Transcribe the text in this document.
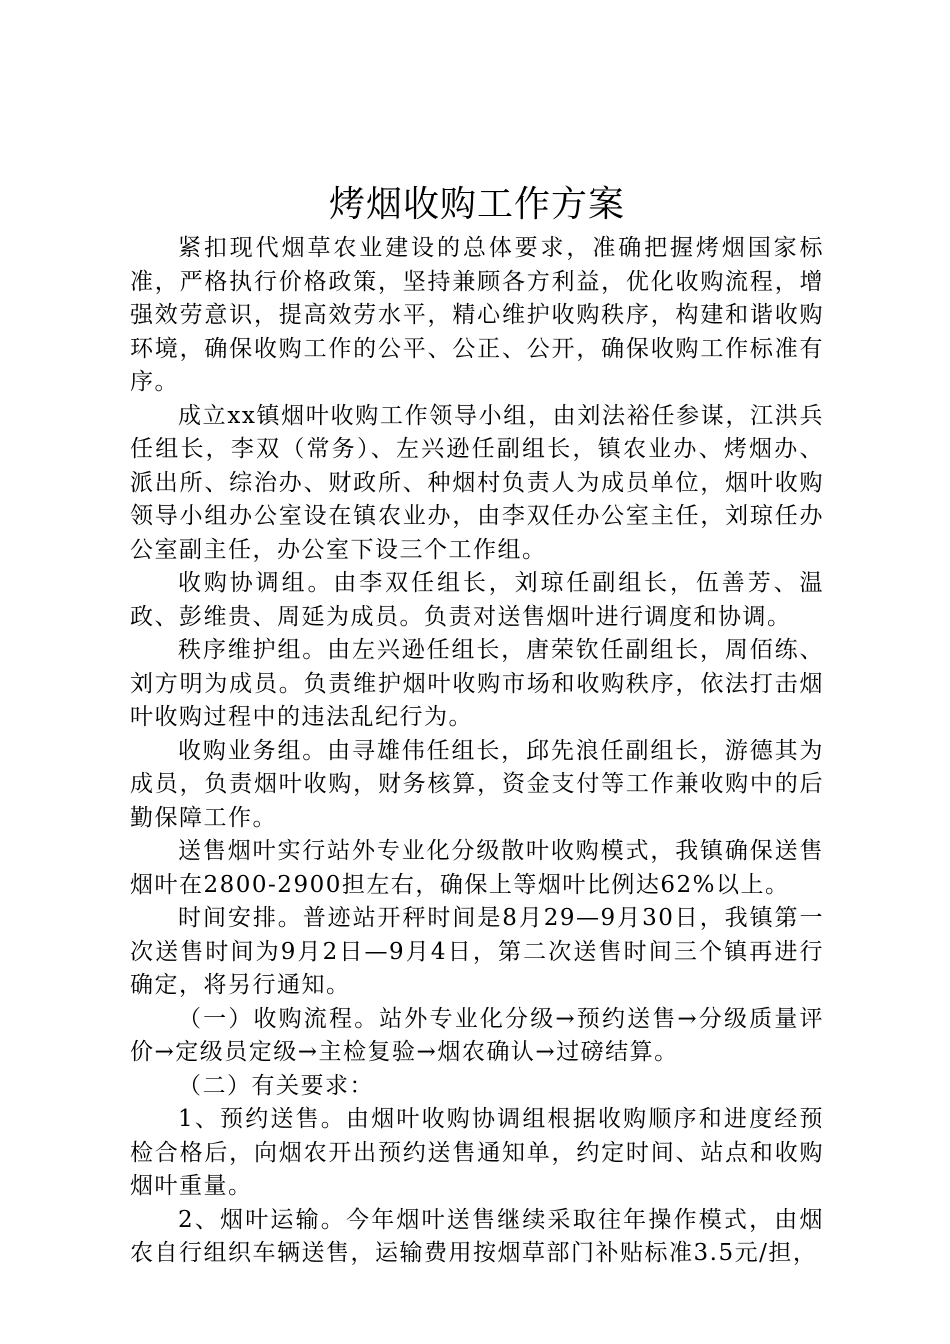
烤烟收购工作方案

紧扣现代烟草农业建设的总体要求，准确把握烤烟国家标准，严格执行价格政策，坚持兼顾各方利益，优化收购流程，增强效劳意识，提高效劳水平，精心维护收购秩序，构建和谐收购环境，确保收购工作的公平、公正、公开，确保收购工作标准有序。

成立xx镇烟叶收购工作领导小组，由刘法裕任参谋，江洪兵任组长，李双（常务）、左兴逊任副组长，镇农业办、烤烟办、派出所、综治办、财政所、种烟村负责人为成员单位，烟叶收购领导小组办公室设在镇农业办，由李双任办公室主任，刘琼任办公室副主任，办公室下设三个工作组。

收购协调组。由李双任组长，刘琼任副组长，伍善芳、温政、彭维贵、周延为成员。负责对送售烟叶进行调度和协调。

秩序维护组。由左兴逊任组长，唐荣钦任副组长，周佰练、刘方明为成员。负责维护烟叶收购市场和收购秩序，依法打击烟叶收购过程中的违法乱纪行为。

收购业务组。由寻雄伟任组长，邱先浪任副组长，游德其为成员，负责烟叶收购，财务核算，资金支付等工作兼收购中的后勤保障工作。

送售烟叶实行站外专业化分级散叶收购模式，我镇确保送售烟叶在2800-2900担左右，确保上等烟叶比例达62%以上。

时间安排。普迹站开秤时间是8月29—9月30日，我镇第一次送售时间为9月2日—9月4日，第二次送售时间三个镇再进行确定，将另行通知。

（一）收购流程。站外专业化分级→预约送售→分级质量评价→定级员定级→主检复验→烟农确认→过磅结算。

（二）有关要求：

1、预约送售。由烟叶收购协调组根据收购顺序和进度经预检合格后，向烟农开出预约送售通知单，约定时间、站点和收购烟叶重量。

2、烟叶运输。今年烟叶送售继续采取往年操作模式，由烟农自行组织车辆送售，运输费用按烟草部门补贴标准3.5元/担，
